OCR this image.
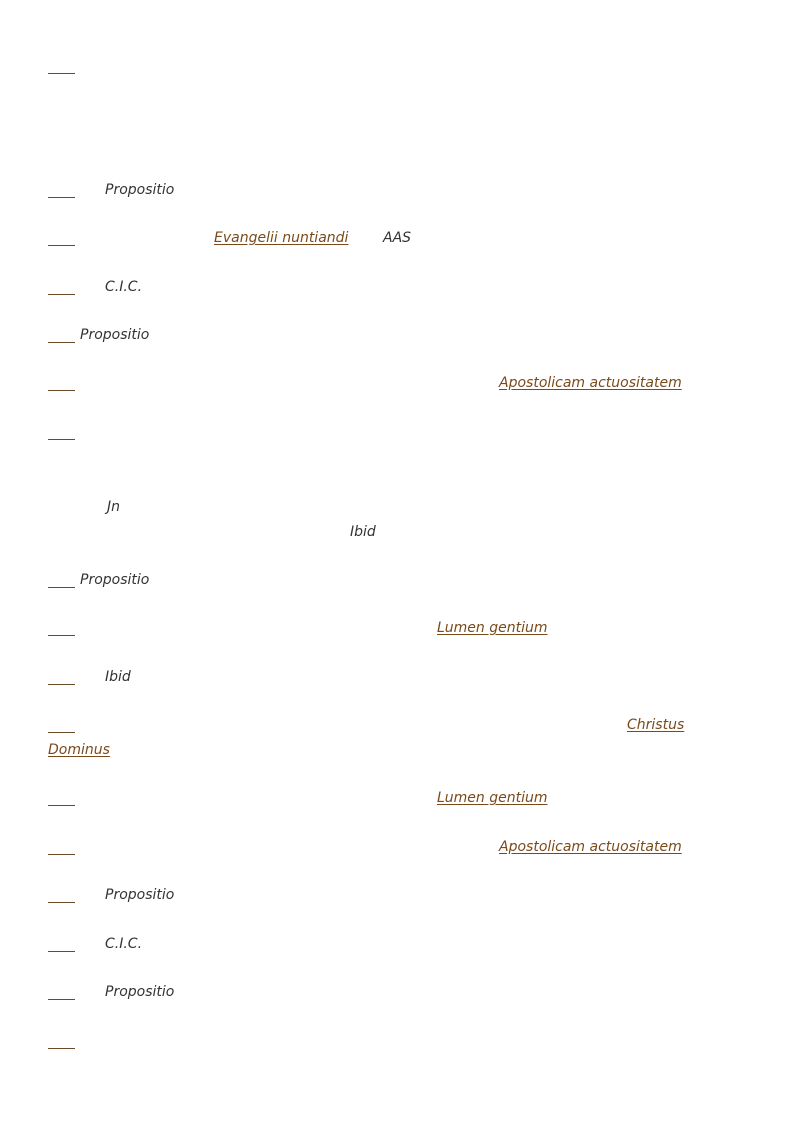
Propositio
Evangelii nuntiandi AAS
C.I.C.
Propositio
Apostolicam actuositatem
Jn
Ibid
Propositio
Lumen gentium
Ibid
Christus
Dominus
Lumen gentium
Apostolicam actuositatem
Propositio
C.I.C.
Propositio
